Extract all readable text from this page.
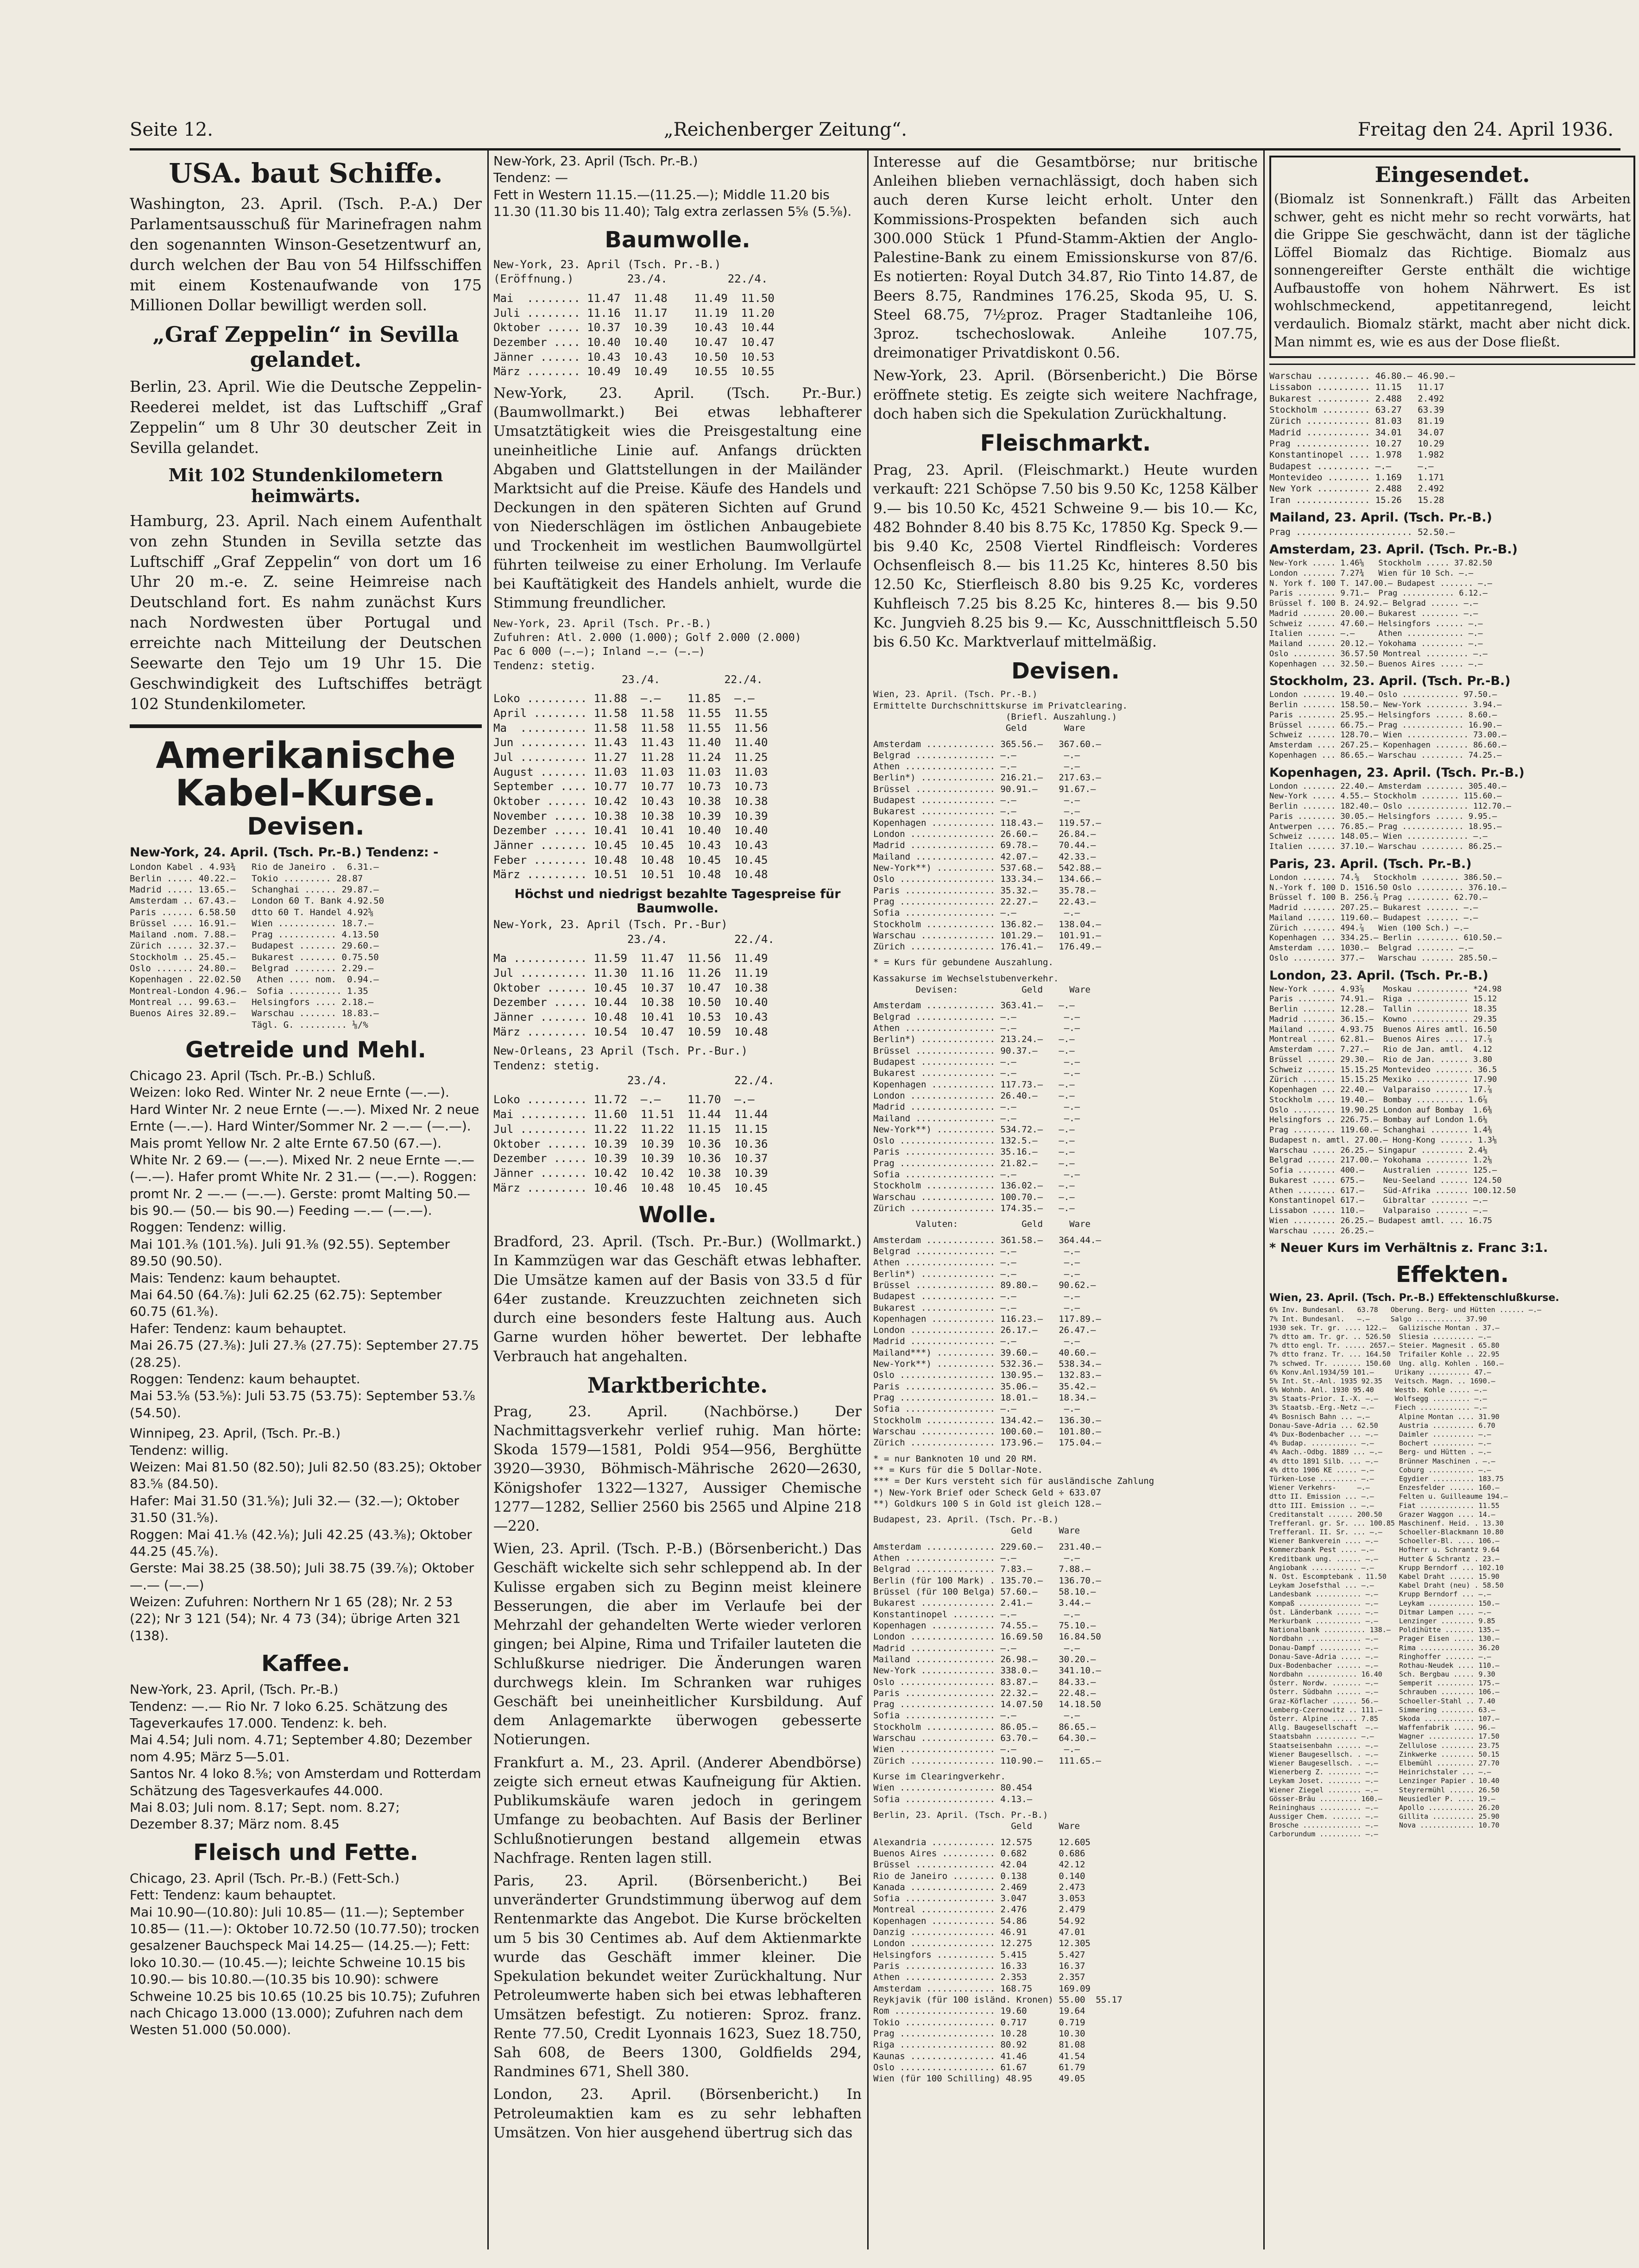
Seite 12.	„Reichenberger Zeitung“.	Freitag den 24. April 1936.
USA. baut Schiffe.

Washington, 23. April. (Tsch. P.-A.) Der Parlamentsausschuß für Marinefragen nahm den sogenannten Winson-Gesetzentwurf an, durch welchen der Bau von 54 Hilfsschiffen mit einem Kostenaufwande von 175 Millionen Dollar bewilligt werden soll.

„Graf Zeppelin“ in Sevilla gelandet.

Berlin, 23. April. Wie die Deutsche Zeppelin-Reederei meldet, ist das Luftschiff „Graf Zeppelin“ um 8 Uhr 30 deutscher Zeit in Sevilla gelandet.

Mit 102 Stundenkilometern heimwärts.

Hamburg, 23. April. Nach einem Aufenthalt von zehn Stunden in Sevilla setzte das Luftschiff „Graf Zeppelin“ von dort um 16 Uhr 20 m.-e. Z. seine Heimreise nach Deutschland fort. Es nahm zunächst Kurs nach Nordwesten über Portugal und erreichte nach Mitteilung der Deutschen Seewarte den Tejo um 19 Uhr 15. Die Geschwindigkeit des Luftschiffes beträgt 102 Stundenkilometer.

Amerikanische Kabel-Kurse.
Devisen.
New-York, 24. April. (Tsch. Pr.-B.) Tendenz: -
London Kabel . 4.93¾   Rio de Janeiro .  6.31.—
Berlin ..... 40.22.—   Tokio ......... 28.87
Madrid ..... 13.65.—   Schanghai ...... 29.87.—
Amsterdam .. 67.43.—   London 60 T. Bank 4.92.50
Paris ...... 6.58.50   dtto 60 T. Handel 4.92⅝
Brüssel .... 16.91.—   Wien ........... 18.7.—
Mailand .nom. 7.88.—   Prag ........... 4.13.50
Zürich ..... 32.37.—   Budapest ....... 29.60.—
Stockholm .. 25.45.—   Bukarest ....... 0.75.50
Oslo ....... 24.80.—   Belgrad ........ 2.29.—
Kopenhagen . 22.02.50   Athen .... nom.  0.94.—
Montreal-London 4.96.—  Sofia .......... 1.35
Montreal ... 99.63.—   Helsingfors .... 2.18.—
Buenos Aires 32.89.—   Warschau ....... 18.83.—
Tägl. G. ......... ⅛/%
Getreide und Mehl.
Chicago 23. April (Tsch. Pr.-B.) Schluß.
Weizen: loko Red. Winter Nr. 2 neue Ernte (—.—). Hard Winter Nr. 2 neue Ernte (—.—). Mixed Nr. 2 neue Ernte (—.—). Hard Winter/Sommer Nr. 2 —.— (—.—). Mais promt Yellow Nr. 2 alte Ernte 67.50 (67.—). White Nr. 2 69.— (—.—). Mixed Nr. 2 neue Ernte —.— (—.—). Hafer promt White Nr. 2 31.— (—.—). Roggen: promt Nr. 2 —.— (—.—). Gerste: promt Malting 50.— bis 90.— (50.— bis 90.—) Feeding —.— (—.—).
Roggen: Tendenz: willig.
Mai 101.⅜ (101.⅝). Juli 91.⅜ (92.55). September 89.50 (90.50).
Mais: Tendenz: kaum behauptet.
Mai 64.50 (64.⅞): Juli 62.25 (62.75): September 60.75 (61.⅜).
Hafer: Tendenz: kaum behauptet.
Mai 26.75 (27.⅜): Juli 27.⅜ (27.75): September 27.75 (28.25).
Roggen: Tendenz: kaum behauptet.
Mai 53.⅝ (53.⅝): Juli 53.75 (53.75): September 53.⅞ (54.50).
Winnipeg, 23. April, (Tsch. Pr.-B.)
Tendenz: willig.
Weizen: Mai 81.50 (82.50); Juli 82.50 (83.25); Oktober 83.⅝ (84.50).
Hafer: Mai 31.50 (31.⅝); Juli 32.— (32.—); Oktober 31.50 (31.⅝).
Roggen: Mai 41.⅛ (42.⅛); Juli 42.25 (43.⅜); Oktober 44.25 (45.⅞).
Gerste: Mai 38.25 (38.50); Juli 38.75 (39.⅞); Oktober —.— (—.—)
Weizen: Zufuhren: Northern Nr 1 65 (28); Nr. 2 53 (22); Nr 3 121 (54); Nr. 4 73 (34); übrige Arten 321 (138).
Kaffee.
New-York, 23. April, (Tsch. Pr.-B.)
Tendenz: —.— Rio Nr. 7 loko 6.25. Schätzung des Tageverkaufes 17.000. Tendenz: k. beh.
Mai 4.54; Juli nom. 4.71; September 4.80; Dezember nom 4.95; März 5—5.01.
Santos Nr. 4 loko 8.⅝; von Amsterdam und Rotterdam Schätzung des Tagesverkaufes 44.000.
Mai 8.03; Juli nom. 8.17; Sept. nom. 8.27;
Dezember 8.37; März nom. 8.45
Fleisch und Fette.
Chicago, 23. April (Tsch. Pr.-B.) (Fett-Sch.)
Fett: Tendenz: kaum behauptet.
Mai 10.90—(10.80): Juli 10.85— (11.—); September 10.85— (11.—): Oktober 10.72.50 (10.77.50); trocken gesalzener Bauchspeck Mai 14.25— (14.25.—); Fett: loko 10.30.— (10.45.—); leichte Schweine 10.15 bis 10.90.— bis 10.80.—(10.35 bis 10.90): schwere Schweine 10.25 bis 10.65 (10.25 bis 10.75); Zufuhren nach Chicago 13.000 (13.000); Zufuhren nach dem Westen 51.000 (50.000).
New-York, 23. April (Tsch. Pr.-B.)
Tendenz: —
Fett in Western 11.15.—(11.25.—); Middle 11.20 bis 11.30 (11.30 bis 11.40); Talg extra zerlassen 5⅝ (5.⅝).
Baumwolle.
New-York, 23. April (Tsch. Pr.-B.)
(Eröffnung.)        23./4.         22./4.
Mai  ........ 11.47  11.48    11.49  11.50
Juli ........ 11.16  11.17    11.19  11.20
Oktober ..... 10.37  10.39    10.43  10.44
Dezember .... 10.40  10.40    10.47  10.47
Jänner ...... 10.43  10.43    10.50  10.53
März ........ 10.49  10.49    10.55  10.55

New-York, 23. April. (Tsch. Pr.-Bur.) (Baumwollmarkt.) Bei etwas lebhafterer Umsatztätigkeit wies die Preisgestaltung eine uneinheitliche Linie auf. Anfangs drückten Abgaben und Glattstellungen in der Mailänder Marktsicht auf die Preise. Käufe des Handels und Deckungen in den späteren Sichten auf Grund von Niederschlägen im östlichen Anbaugebiete und Trockenheit im westlichen Baumwollgürtel führten teilweise zu einer Erholung. Im Verlaufe bei Kauftätigkeit des Handels anhielt, wurde die Stimmung freundlicher.

New-York, 23. April (Tsch. Pr.-B.)
Zufuhren: Atl. 2.000 (1.000); Golf 2.000 (2.000)
Pac 6 000 (—.—); Inland —.— (—.—)
Tendenz: stetig.
23./4.          22./4.
Loko ......... 11.88  —.—    11.85  —.—
April ........ 11.58  11.58  11.55  11.55
Ma  .......... 11.58  11.58  11.55  11.56
Jun .......... 11.43  11.43  11.40  11.40
Jul .......... 11.27  11.28  11.24  11.25
August ....... 11.03  11.03  11.03  11.03
September .... 10.77  10.77  10.73  10.73
Oktober ...... 10.42  10.43  10.38  10.38
November ..... 10.38  10.38  10.39  10.39
Dezember ..... 10.41  10.41  10.40  10.40
Jänner ....... 10.45  10.45  10.43  10.43
Feber ........ 10.48  10.48  10.45  10.45
März ......... 10.51  10.51  10.48  10.48
Höchst und niedrigst bezahlte Tagespreise für Baumwolle.
New-York, 23. April (Tsch. Pr.-Bur)
23./4.          22./4.
Ma ........... 11.59  11.47  11.56  11.49
Jul .......... 11.30  11.16  11.26  11.19
Oktober ...... 10.45  10.37  10.47  10.38
Dezember ..... 10.44  10.38  10.50  10.40
Jänner ....... 10.48  10.41  10.53  10.43
März ......... 10.54  10.47  10.59  10.48
New-Orleans, 23 April (Tsch. Pr.-Bur.)
Tendenz: stetig.
23./4.          22./4.
Loko ......... 11.72  —.—    11.70  —.—
Mai .......... 11.60  11.51  11.44  11.44
Jul .......... 11.22  11.22  11.15  11.15
Oktober ...... 10.39  10.39  10.36  10.36
Dezember ..... 10.39  10.39  10.36  10.37
Jänner ....... 10.42  10.42  10.38  10.39
März ......... 10.46  10.48  10.45  10.45
Wolle.

Bradford, 23. April. (Tsch. Pr.-Bur.) (Wollmarkt.) In Kammzügen war das Geschäft etwas lebhafter. Die Umsätze kamen auf der Basis von 33.5 d für 64er zustande. Kreuzzuchten zeichneten sich durch eine besonders feste Haltung aus. Auch Garne wurden höher bewertet. Der lebhafte Verbrauch hat angehalten.

Marktberichte.

Prag, 23. April. (Nachbörse.) Der Nachmittagsverkehr verlief ruhig. Man hörte: Skoda 1579—1581, Poldi 954—956, Berghütte 3920—3930, Böhmisch-Mährische 2620—2630, Königshofer 1322—1327, Aussiger Chemische 1277—1282, Sellier 2560 bis 2565 und Alpine 218—220.

Wien, 23. April. (Tsch. P.-B.) (Börsenbericht.) Das Geschäft wickelte sich sehr schleppend ab. In der Kulisse ergaben sich zu Beginn meist kleinere Besserungen, die aber im Verlaufe bei der Mehrzahl der gehandelten Werte wieder verloren gingen; bei Alpine, Rima und Trifailer lauteten die Schlußkurse niedriger. Die Änderungen waren durchwegs klein. Im Schranken war ruhiges Geschäft bei uneinheitlicher Kursbildung. Auf dem Anlagemarkte überwogen gebesserte Notierungen.

Frankfurt a. M., 23. April. (Anderer Abendbörse) zeigte sich erneut etwas Kaufneigung für Aktien. Publikumskäufe waren jedoch in geringem Umfange zu beobachten. Auf Basis der Berliner Schlußnotierungen bestand allgemein etwas Nachfrage. Renten lagen still.

Paris, 23. April. (Börsenbericht.) Bei unveränderter Grundstimmung überwog auf dem Rentenmarkte das Angebot. Die Kurse bröckelten um 5 bis 30 Centimes ab. Auf dem Aktienmarkte wurde das Geschäft immer kleiner. Die Spekulation bekundet weiter Zurückhaltung. Nur Petroleumwerte haben sich bei etwas lebhafteren Umsätzen befestigt. Zu notieren: Sproz. franz. Rente 77.50, Credit Lyonnais 1623, Suez 18.750, Sah 608, de Beers 1300, Goldfields 294, Randmines 671, Shell 380.

London, 23. April. (Börsenbericht.) In Petroleumaktien kam es zu sehr lebhaften Umsätzen. Von hier ausgehend übertrug sich das

Interesse auf die Gesamtbörse; nur britische Anleihen blieben vernachlässigt, doch haben sich auch deren Kurse leicht erholt. Unter den Kommissions-Prospekten befanden sich auch 300.000 Stück 1 Pfund-Stamm-Aktien der Anglo-Palestine-Bank zu einem Emissionskurse von 87/6. Es notierten: Royal Dutch 34.87, Rio Tinto 14.87, de Beers 8.75, Randmines 176.25, Skoda 95, U. S. Steel 68.75, 7½proz. Prager Stadtanleihe 106, 3proz. tschechoslowak. Anleihe 107.75, dreimonatiger Privatdiskont 0.56.

New-York, 23. April. (Börsenbericht.) Die Börse eröffnete stetig. Es zeigte sich weitere Nachfrage, doch haben sich die Spekulation Zurückhaltung.

Fleischmarkt.

Prag, 23. April. (Fleischmarkt.) Heute wurden verkauft: 221 Schöpse 7.50 bis 9.50 Kc, 1258 Kälber 9.— bis 10.50 Kc, 4521 Schweine 9.— bis 10.— Kc, 482 Bohnder 8.40 bis 8.75 Kc, 17850 Kg. Speck 9.— bis 9.40 Kc, 2508 Viertel Rindfleisch: Vorderes Ochsenfleisch 8.— bis 11.25 Kc, hinteres 8.50 bis 12.50 Kc, Stierfleisch 8.80 bis 9.25 Kc, vorderes Kuhfleisch 7.25 bis 8.25 Kc, hinteres 8.— bis 9.50 Kc. Jungvieh 8.25 bis 9.— Kc, Ausschnittfleisch 5.50 bis 6.50 Kc. Marktverlauf mittelmäßig.

Devisen.
Wien, 23. April. (Tsch. Pr.-B.)
Ermittelte Durchschnittskurse im Privatclearing.
(Briefl. Auszahlung.)
Geld       Ware
Amsterdam ............. 365.56.—   367.60.—
Belgrad ............... —.—         —.—
Athen ................. —.—         —.—
Berlin*) .............. 216.21.—   217.63.—
Brüssel ............... 90.91.—    91.67.—
Budapest .............. —.—         —.—
Bukarest .............. —.—         —.—
Kopenhagen ............ 118.43.—   119.57.—
London ................ 26.60.—    26.84.—
Madrid ................ 69.78.—    70.44.—
Mailand ............... 42.07.—    42.33.—
New-York**) ........... 537.68.—   542.88.—
Oslo .................. 133.34.—   134.66.—
Paris ................. 35.32.—    35.78.—
Prag .................. 22.27.—    22.43.—
Sofia ................. —.—         —.—
Stockholm ............. 136.82.—   138.04.—
Warschau .............. 101.29.—   101.91.—
Zürich ................ 176.41.—   176.49.—
* = Kurs für gebundene Auszahlung.
Kassakurse im Wechselstubenverkehr.
Devisen:            Geld     Ware
Amsterdam ............. 363.41.—   —.—
Belgrad ............... —.—         —.—
Athen ................. —.—         —.—
Berlin*) .............. 213.24.—   —.—
Brüssel ............... 90.37.—    —.—
Budapest .............. —.—         —.—
Bukarest .............. —.—         —.—
Kopenhagen ............ 117.73.—   —.—
London ................ 26.40.—    —.—
Madrid ................ —.—         —.—
Mailand ............... —.—         —.—
New-York**) ........... 534.72.—   —.—
Oslo .................. 132.5.—    —.—
Paris ................. 35.16.—    —.—
Prag .................. 21.82.—    —.—
Sofia ................. —.—         —.—
Stockholm ............. 136.02.—   —.—
Warschau .............. 100.70.—   —.—
Zürich ................ 174.35.—   —.—
Valuten:            Geld     Ware
Amsterdam ............. 361.58.—   364.44.—
Belgrad ............... —.—         —.—
Athen ................. —.—         —.—
Berlin*) .............. —.—         —.—
Brüssel ............... 89.80.—    90.62.—
Budapest .............. —.—         —.—
Bukarest .............. —.—         —.—
Kopenhagen ............ 116.23.—   117.89.—
London ................ 26.17.—    26.47.—
Madrid ................ —.—         —.—
Mailand***) ........... 39.60.—    40.60.—
New-York**) ........... 532.36.—   538.34.—
Oslo .................. 130.95.—   132.83.—
Paris ................. 35.06.—    35.42.—
Prag .................. 18.01.—    18.34.—
Sofia ................. —.—         —.—
Stockholm ............. 134.42.—   136.30.—
Warschau .............. 100.60.—   101.80.—
Zürich ................ 173.96.—   175.04.—
* = nur Banknoten 10 und 20 RM.
** = Kurs für die 5 Dollar-Note.
*** = Der Kurs versteht sich für ausländische Zahlung
*) New-York Brief oder Scheck Geld ÷ 633.07
**) Goldkurs 100 S in Gold ist gleich 128.—
Budapest, 23. April. (Tsch. Pr.-B.)
Geld     Ware
Amsterdam ............. 229.60.—   231.40.—
Athen ................. —.—         —.—
Belgrad ............... 7.83.—     7.88.—
Berlin (für 100 Mark) . 135.70.—   136.70.—
Brüssel (für 100 Belga) 57.60.—    58.10.—
Bukarest .............. 2.41.—     3.44.—
Konstantinopel ........ —.—         —.—
Kopenhagen ............ 74.55.—    75.10.—
London ................ 16.69.50   16.84.50
Madrid ................ —.—         —.—
Mailand ............... 26.98.—    30.20.—
New-York .............. 338.0.—    341.10.—
Oslo .................. 83.87.—    84.33.—
Paris ................. 22.32.—    22.48.—
Prag .................. 14.07.50   14.18.50
Sofia ................. —.—         —.—
Stockholm ............. 86.05.—    86.65.—
Warschau .............. 63.70.—    64.30.—
Wien .................. —.—         —.—
Zürich ................ 110.90.—   111.65.—
Kurse im Clearingverkehr.
Wien .................. 80.454
Sofia ................. 4.13.—
Berlin, 23. April. (Tsch. Pr.-B.)
Geld     Ware
Alexandria ............ 12.575     12.605
Buenos Aires .......... 0.682      0.686
Brüssel ............... 42.04      42.12
Rio de Janeiro ........ 0.138      0.140
Kanada ................ 2.469      2.473
Sofia ................. 3.047      3.053
Montreal .............. 2.476      2.479
Kopenhagen ............ 54.86      54.92
Danzig ................ 46.91      47.01
London ................ 12.275     12.305
Helsingfors ........... 5.415      5.427
Paris ................. 16.33      16.37
Athen ................. 2.353      2.357
Amsterdam ............. 168.75     169.09
Reykjavik (für 100 isländ. Kronen) 55.00  55.17
Rom ................... 19.60      19.64
Tokio ................. 0.717      0.719
Prag .................. 10.28      10.30
Riga .................. 80.92      81.08
Kaunas ................ 41.46      41.54
Oslo .................. 61.67      61.79
Wien (für 100 Schilling) 48.95     49.05
Eingesendet.

(Biomalz ist Sonnenkraft.) Fällt das Arbeiten schwer, geht es nicht mehr so recht vorwärts, hat die Grippe Sie geschwächt, dann ist der tägliche Löffel Biomalz das Richtige. Biomalz aus sonnengereifter Gerste enthält die wichtige Aufbaustoffe von hohem Nährwert. Es ist wohlschmeckend, appetitanregend, leicht verdaulich. Biomalz stärkt, macht aber nicht dick. Man nimmt es, wie es aus der Dose fließt.

Warschau .......... 46.80.— 46.90.—
Lissabon .......... 11.15   11.17
Bukarest .......... 2.488   2.492
Stockholm ......... 63.27   63.39
Zürich ............ 81.03   81.19
Madrid ............ 34.01   34.07
Prag .............. 10.27   10.29
Konstantinopel .... 1.978   1.982
Budapest .......... —.—     —.—
Montevideo ........ 1.169   1.171
New York .......... 2.488   2.492
Iran .............. 15.26   15.28
Mailand, 23. April. (Tsch. Pr.-B.)
Prag ...................... 52.50.—
Amsterdam, 23. April. (Tsch. Pr.-B.)
New-York ..... 1.46⅝   Stockholm ..... 37.82.50
London ....... 7.27¾   Wien für 10 Sch. —.—
N. York f. 100 T. 147.00.— Budapest ....... —.—
Paris ........ 9.71.—  Prag ........... 6.12.—
Brüssel f. 100 B. 24.92.— Belgrad ...... —.—
Madrid ....... 20.00.— Bukarest ........ —.—
Schweiz ...... 47.60.— Helsingfors ...... —.—
Italien ...... —.—     Athen ............ —.—
Mailand ...... 20.12.— Yokohama ......... —.—
Oslo ......... 36.57.50 Montreal ......... —.—
Kopenhagen ... 32.50.— Buenos Aires ..... —.—
Stockholm, 23. April. (Tsch. Pr.-B.)
London ....... 19.40.— Oslo ............ 97.50.—
Berlin ....... 158.50.— New-York ......... 3.94.—
Paris ........ 25.95.— Helsingfors ...... 8.60.—
Brüssel ...... 66.75.— Prag ............. 16.90.—
Schweiz ...... 128.70.— Wien ............. 73.00.—
Amsterdam .... 267.25.— Kopenhagen ....... 86.60.—
Kopenhagen ... 86.65.— Warschau ......... 74.25.—
Kopenhagen, 23. April. (Tsch. Pr.-B.)
London ....... 22.40.— Amsterdam ........ 305.40.—
New-York ..... 4.55.— Stockholm ........ 115.60.—
Berlin ....... 182.40.— Oslo ............. 112.70.—
Paris ........ 30.05.— Helsingfors ...... 9.95.—
Antwerpen .... 76.85.— Prag ............. 18.95.—
Schweiz ...... 148.05.— Wien ............. —.—
Italien ...... 37.10.— Warschau ......... 86.25.—
Paris, 23. April. (Tsch. Pr.-B.)
London ....... 74.⅝   Stockholm ........ 386.50.—
N.-York f. 100 D. 1516.50 Oslo .......... 376.10.—
Brüssel f. 100 B. 256.⅞ Prag ......... 62.70.—
Madrid ....... 207.25.— Bukarest ....... —.—
Mailand ...... 119.60.— Budapest ....... —.—
Zürich ....... 494.⅞   Wien (100 Sch.) —.—
Kopenhagen ... 334.25.— Berlin ......... 610.50.—
Amsterdam .... 1030.—  Belgrad ........ —.—
Oslo ......... 377.—   Warschau ....... 285.50.—
London, 23. April. (Tsch. Pr.-B.)
New-York ..... 4.93⅞    Moskau ........... *24.98
Paris ........ 74.91.—  Riga ............. 15.12
Berlin ....... 12.28.—  Tallin ........... 18.35
Madrid ....... 36.15.—  Kowno ............ 29.35
Mailand ...... 4.93.75  Buenos Aires amtl. 16.50
Montreal ..... 62.81.—  Buenos Aires ..... 17.⅞
Amsterdam .... 7.27.—   Rio de Jan. amtl.  4.12
Brüssel ...... 29.30.—  Rio de Jan. ...... 3.80
Schweiz ...... 15.15.25 Montevideo ........ 36.5
Zürich ....... 15.15.25 Mexiko ........... 17.90
Kopenhagen ... 22.40.—  Valparaiso ....... 17.⅞
Stockholm .... 19.40.—  Bombay .......... 1.6⅞
Oslo ......... 19.90.25 London auf Bombay  1.6⅜
Helsingfors .. 226.75.— Bombay auf London 1.6⅛
Prag ......... 119.60.— Schanghai ........ 1.4⅜
Budapest n. amtl. 27.00.— Hong-Kong ....... 1.3⅛
Warschau ..... 26.25.— Singapur ......... 2.4⅛
Belgrad ...... 217.00.— Yokohama ......... 1.2⅛
Sofia ........ 400.—    Australien ....... 125.—
Bukarest ..... 675.—    Neu-Seeland ...... 124.50
Athen ........ 617.—    Süd-Afrika ....... 100.12.50
Konstantinopel 617.—    Gibraltar ........ —.—
Lissabon ..... 110.—    Valparaiso ....... —.—
Wien ......... 26.25.— Budapest amtl. ... 16.75
Warschau ..... 26.25.—
* Neuer Kurs im Verhältnis z. Franc 3:1.
Effekten.
Wien, 23. April. (Tsch. Pr.-B.) Effektenschlußkurse.
6% Inv. Bundesanl.   63.78   Oberung. Berg- und Hütten ...... —.—
7% Int. Bundesanl.   —.—     Salgo ........... 37.90
1930 sek. Tr. gr. .... 122.—   Galizische Montan . 37.—
7% dtto am. Tr. gr. .. 526.50  Sliesia .......... —.—
7% dtto engl. Tr. ..... 2657.— Steier. Magnesit . 65.80
7% dtto franz. Tr. ... 164.50  Trifailer Kohle .. 22.95
7% schwed. Tr. ....... 150.60  Ung. allg. Kohlen . 160.—
6% Konv.Anl.1934/59 101.—     Urikany .......... 47.—
5% Int. St.-Anl. 1935 92.35   Veitsch. Magn. .. 1690.—
6% Wohnb. Anl. 1930 95.40     Westb. Kohle ..... —.—
3% Staats-Prior. I.-X. —.—    Wolfsegg ......... —.—
3% Staatsb.-Erg.-Netz —.—     Fiech ............ —.—
4% Bosnisch Bahn ... —.—       Alpine Montan .... 31.90
Donau-Save-Adria ... 62.50     Austria .......... 6.70
4% Dux-Bodenbacher ... —.—     Daimler .......... —.—
4% Budap. ........... —.—      Bochert .......... —.—
4% Aach.-Odbg. 1889 ... —.—    Berg- und Hütten . —.—
4% dtto 1891 Silb. ... —.—     Brünner Maschinen . —.—
4% dtto 1906 KE ..... —.—      Coburg ........... —.—
Türken-Lose ......... —.—      Egydier .......... 183.75
Wiener Verkehrs-     —.—       Enzesfelder ...... 160.—
dtto II. Emission ... —.—      Felten u. Guilleaume 194.—
dtto III. Emission .. —.—      Fiat ............. 11.55
Creditanstalt ...... 200.50    Grazer Waggon .... 14.—
Trefferanl. gr. Sr. ... 100.85 Maschinenf. Heid. . 13.30
Trefferanl. II. Sr. ... —.—    Schoeller-Blackmann 10.80
Wiener Bankverein .... —.—     Schoeller-Bl. .... 106.—
Kommerzbank Pest .... —.—      Hofherr u. Schrantz 9.64
Kreditbank ung. ...... —.—     Hutter & Schrantz . 23.—
Angiobank ........... —.—      Krupp Berndorf ... 102.10
N. Ost. Escomptebank . 11.50   Kabel Draht ...... 15.90
Leykam Josefsthal ... —.—      Kabel Draht (neu) . 58.50
Landesbank ........... —.—     Krupp Berndorf ... —.—
Kompaß ............... —.—     Leykam ........... 150.—
Öst. Länderbank ...... —.—     Ditmar Lampen .... —.—
Merkurbank ........... —.—     Lenzinger ........ 9.85
Nationalbank .......... 138.—  Poldihütte ....... 135.—
Nordbahn ............. —.—     Prager Eisen ..... 130.—
Donau-Dampf .......... —.—     Rima ............. 36.20
Donau-Save-Adria ..... —.—     Ringhoffer ....... —.—
Dux-Bodenbacher ...... —.—     Rothau-Neudek .... 110.—
Nordbahn ............ 16.40    Sch. Bergbau ..... 9.30
Österr. Nordw. ....... —.—     Semperit ......... 175.—
Österr. Südbahn ...... —.—     Schrauben ........ 106.—
Graz-Köflacher ...... 56.—     Schoeller-Stahl .. 7.40
Lemberg-Czernowitz .. 111.—    Simmering ........ 63.—
Österr. Alpine ...... 7.85     Skoda ............ 107.—
Allg. Baugesellschaft  —.—     Waffenfabrik ..... 96.—
Staatsbahn .......... —.—      Wagner ........... 17.50
Staatseisenbahn ...... —.—     Zellulose ........ 23.75
Wiener Baugesellsch. . —.—     Zinkwerke ........ 50.15
Wiener Baugesellsch. . —.—     Elbemühl ......... 27.70
Wienerberg Z. ........ —.—     Heinrichstaler ... —.—
Leykam Joset. ........ —.—     Lenzinger Papier . 10.40
Wiener Ziegel ........ —.—     Steyrermühl ...... 26.50
Gösser-Bräu ......... 160.—    Neusiedler P. .... 19.—
Reininghaus .......... —.—     Apollo ........... 26.20
Aussiger Chem. ....... —.—     Gillita .......... 25.90
Brosche .............. —.—     Nova ............. 10.70
Carborundum .......... —.—
